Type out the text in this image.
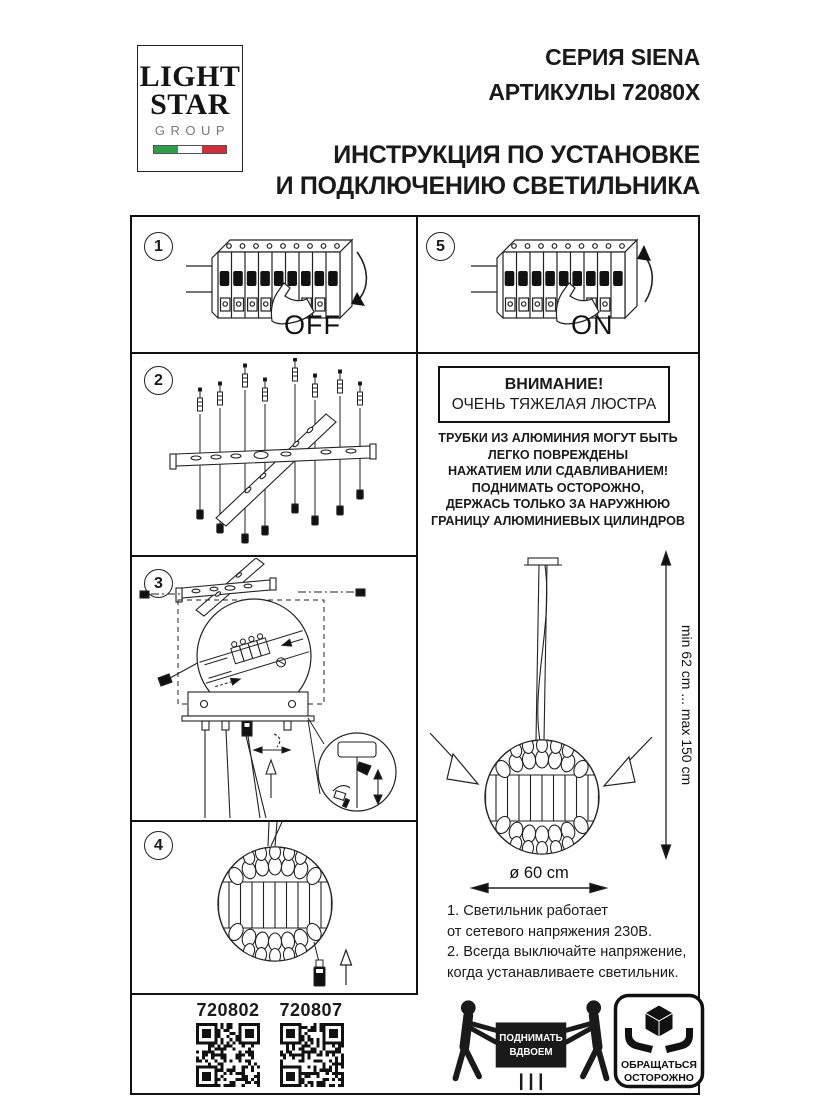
LIGHT
STAR
GROUP
СЕРИЯ SIENA
АРТИКУЛЫ 72080X
ИНСТРУКЦИЯ ПО УСТАНОВКЕ
И ПОДКЛЮЧЕНИЮ СВЕТИЛЬНИКА
1
2
3
4
5
OFF	ON
ВНИМАНИЕ!
ОЧЕНЬ ТЯЖЕЛАЯ ЛЮСТРА
ТРУБКИ ИЗ АЛЮМИНИЯ МОГУТ БЫТЬ
ЛЕГКО ПОВРЕЖДЕНЫ
НАЖАТИЕМ ИЛИ СДАВЛИВАНИЕМ!
ПОДНИМАТЬ ОСТОРОЖНО,
ДЕРЖАСЬ ТОЛЬКО ЗА НАРУЖНЮЮ
ГРАНИЦУ АЛЮМИНИЕВЫХ ЦИЛИНДРОВ
min 62 cm ... max 150 cm
ø 60 cm
1. Светильник работает
от сетевого напряжения 230В.
2. Всегда выключайте напряжение,
когда устанавливаете светильник.
720802	720807
ПОДНИМАТЬ
ВДВОЕМ
ОБРАЩАТЬСЯ
ОСТОРОЖНО
